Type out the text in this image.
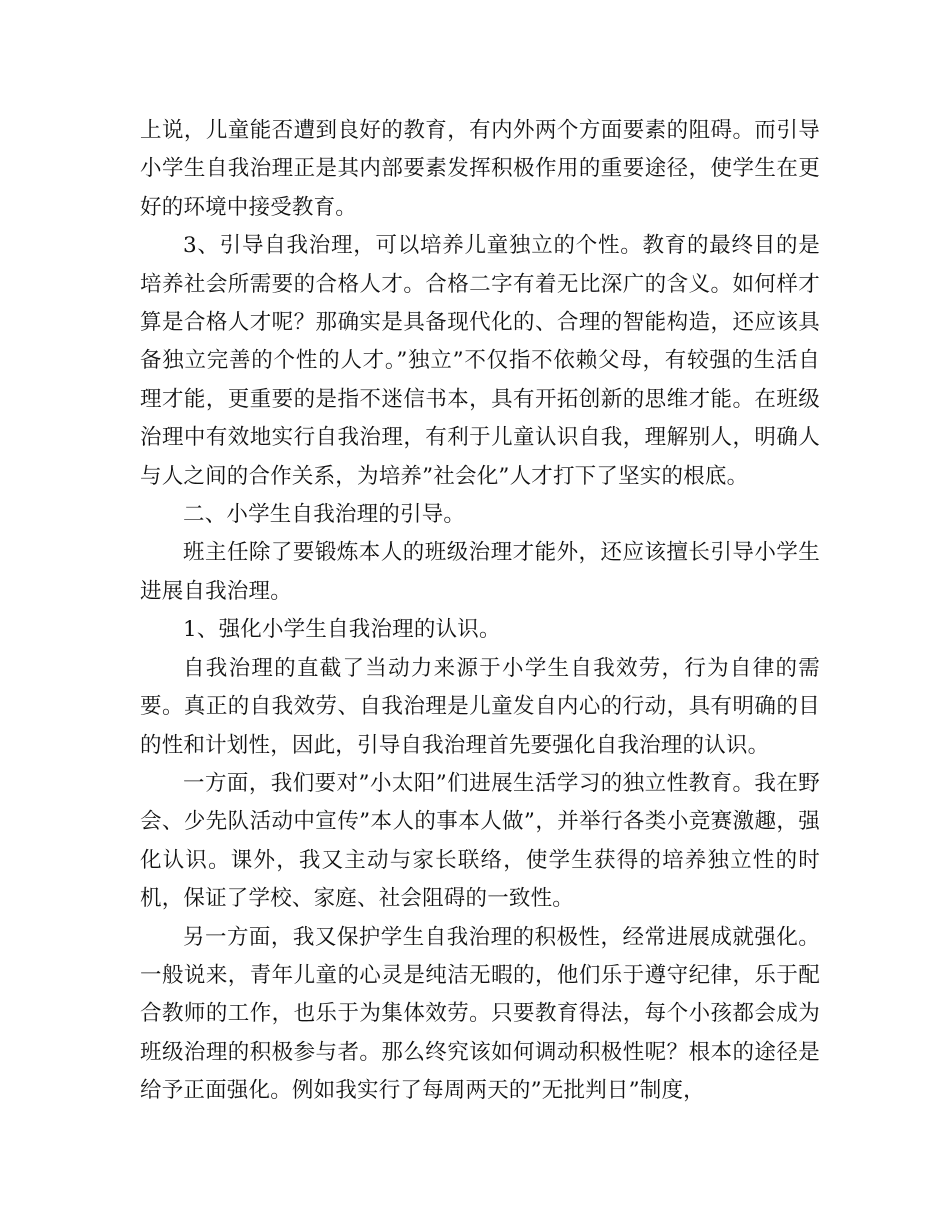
上说，儿童能否遭到良好的教育，有内外两个方面要素的阻碍。而引导小学生自我治理正是其内部要素发挥积极作用的重要途径，使学生在更好的环境中接受教育。

3、引导自我治理，可以培养儿童独立的个性。教育的最终目的是培养社会所需要的合格人才。合格二字有着无比深广的含义。如何样才算是合格人才呢？那确实是具备现代化的、合理的智能构造，还应该具备独立完善的个性的人才。”独立”不仅指不依赖父母，有较强的生活自理才能，更重要的是指不迷信书本，具有开拓创新的思维才能。在班级治理中有效地实行自我治理，有利于儿童认识自我，理解别人，明确人与人之间的合作关系，为培养”社会化”人才打下了坚实的根底。

二、小学生自我治理的引导。

班主任除了要锻炼本人的班级治理才能外，还应该擅长引导小学生进展自我治理。

1、强化小学生自我治理的认识。

自我治理的直截了当动力来源于小学生自我效劳，行为自律的需要。真正的自我效劳、自我治理是儿童发自内心的行动，具有明确的目的性和计划性，因此，引导自我治理首先要强化自我治理的认识。

一方面，我们要对”小太阳”们进展生活学习的独立性教育。我在野会、少先队活动中宣传”本人的事本人做”，并举行各类小竞赛激趣，强化认识。课外，我又主动与家长联络，使学生获得的培养独立性的时机，保证了学校、家庭、社会阻碍的一致性。

另一方面，我又保护学生自我治理的积极性，经常进展成就强化。一般说来，青年儿童的心灵是纯洁无暇的，他们乐于遵守纪律，乐于配合教师的工作，也乐于为集体效劳。只要教育得法，每个小孩都会成为班级治理的积极参与者。那么终究该如何调动积极性呢？根本的途径是给予正面强化。例如我实行了每周两天的”无批判日”制度，
